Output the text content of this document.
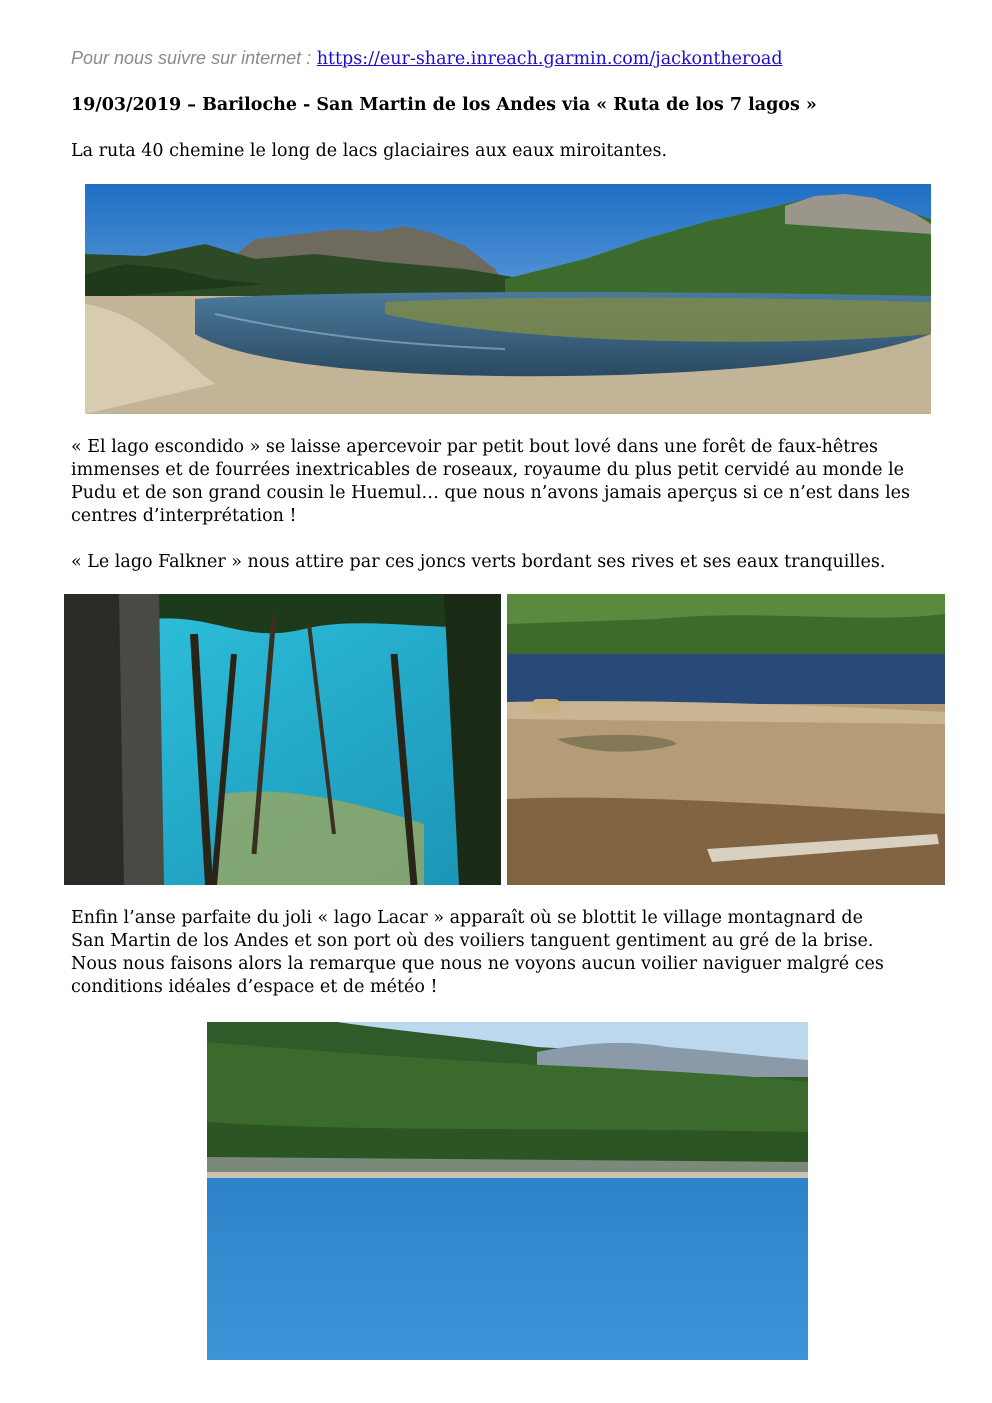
Pour nous suivre sur internet : https://eur-share.inreach.garmin.com/jackontheroad
19/03/2019 – Bariloche - San Martin de los Andes via « Ruta de los 7 lagos »

La ruta 40 chemine le long de lacs glaciaires aux eaux miroitantes.

« El lago escondido » se laisse apercevoir par petit bout lové dans une forêt de faux-hêtres immenses et de fourrées inextricables de roseaux, royaume du plus petit cervidé au monde le Pudu et de son grand cousin le Huemul… que nous n’avons jamais aperçus si ce n’est dans les centres d’interprétation !

« Le lago Falkner » nous attire par ces joncs verts bordant ses rives et ses eaux tranquilles.

Enfin l’anse parfaite du joli « lago Lacar » apparaît où se blottit le village montagnard de San Martin de los Andes et son port où des voiliers tanguent gentiment au gré de la brise.

Nous nous faisons alors la remarque que nous ne voyons aucun voilier naviguer malgré ces conditions idéales d’espace et de météo !
